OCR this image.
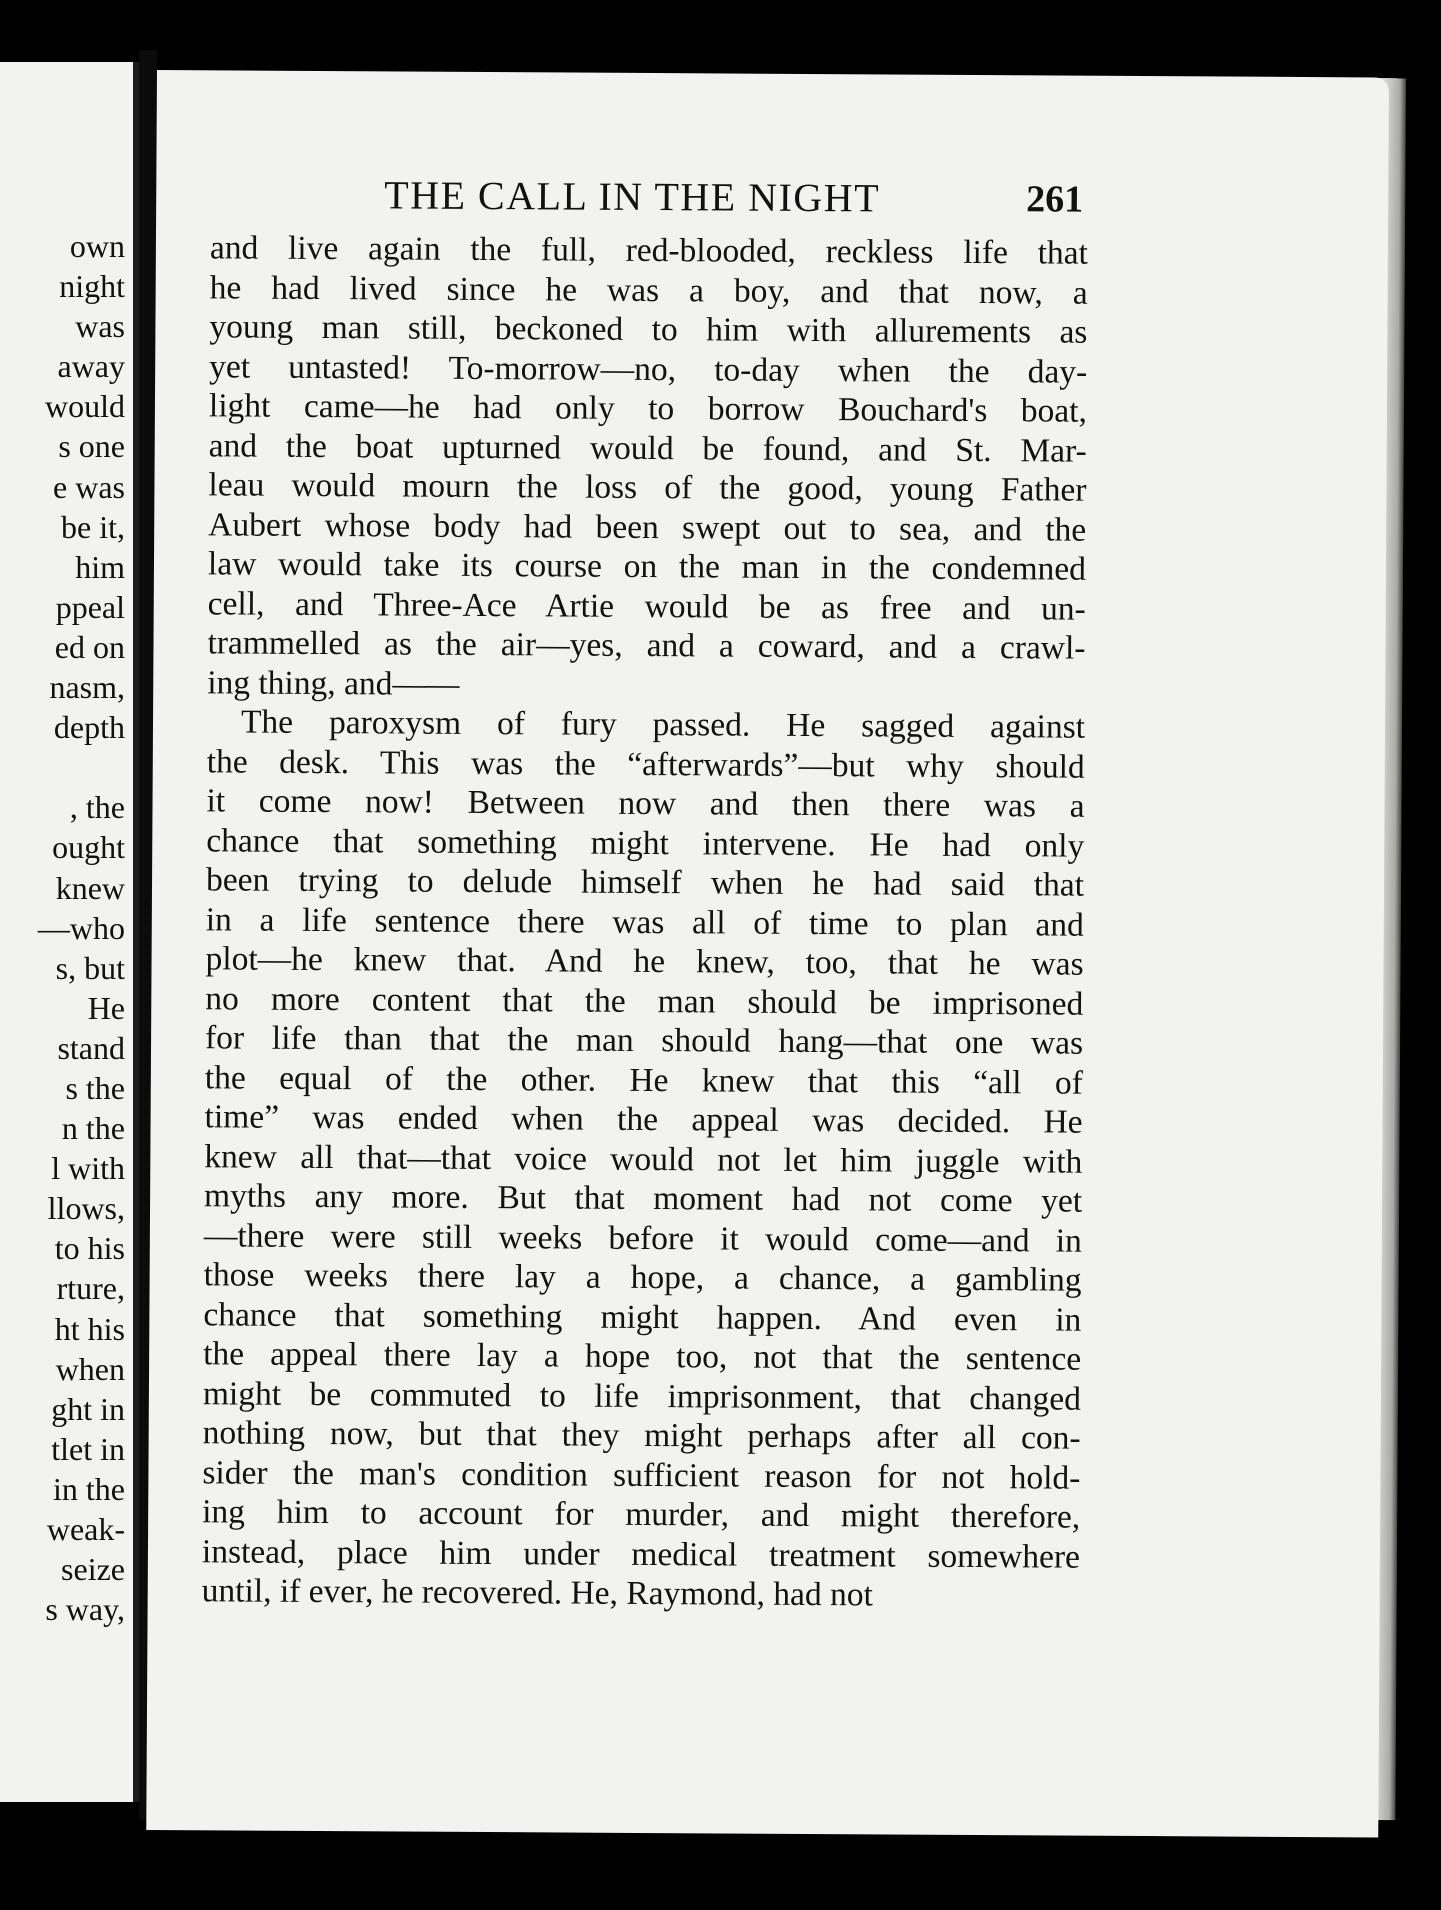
own
night
was
away
would
s one
e was
be it,
him
ppeal
ed on
nasm,
depth
, the
ought
knew
—who
s, but
He
stand
s the
n the
l with
llows,
to his
rture,
ht his
when
ght in
tlet in
in the
weak-
seize
s way,
THE CALL IN THE NIGHT	261
and live again the full, red-blooded, reckless life that
he had lived since he was a boy, and that now, a
young man still, beckoned to him with allurements as
yet untasted! To-morrow—no, to-day when the day-
light came—he had only to borrow Bouchard's boat,
and the boat upturned would be found, and St. Mar-
leau would mourn the loss of the good, young Father
Aubert whose body had been swept out to sea, and the
law would take its course on the man in the condemned
cell, and Three-Ace Artie would be as free and un-
trammelled as the air—yes, and a coward, and a crawl-
ing thing, and——
The paroxysm of fury passed. He sagged against
the desk. This was the “afterwards”—but why should
it come now! Between now and then there was a
chance that something might intervene. He had only
been trying to delude himself when he had said that
in a life sentence there was all of time to plan and
plot—he knew that. And he knew, too, that he was
no more content that the man should be imprisoned
for life than that the man should hang—that one was
the equal of the other. He knew that this “all of
time” was ended when the appeal was decided. He
knew all that—that voice would not let him juggle with
myths any more. But that moment had not come yet
—there were still weeks before it would come—and in
those weeks there lay a hope, a chance, a gambling
chance that something might happen. And even in
the appeal there lay a hope too, not that the sentence
might be commuted to life imprisonment, that changed
nothing now, but that they might perhaps after all con-
sider the man's condition sufficient reason for not hold-
ing him to account for murder, and might therefore,
instead, place him under medical treatment somewhere
until, if ever, he recovered. He, Raymond, had not
